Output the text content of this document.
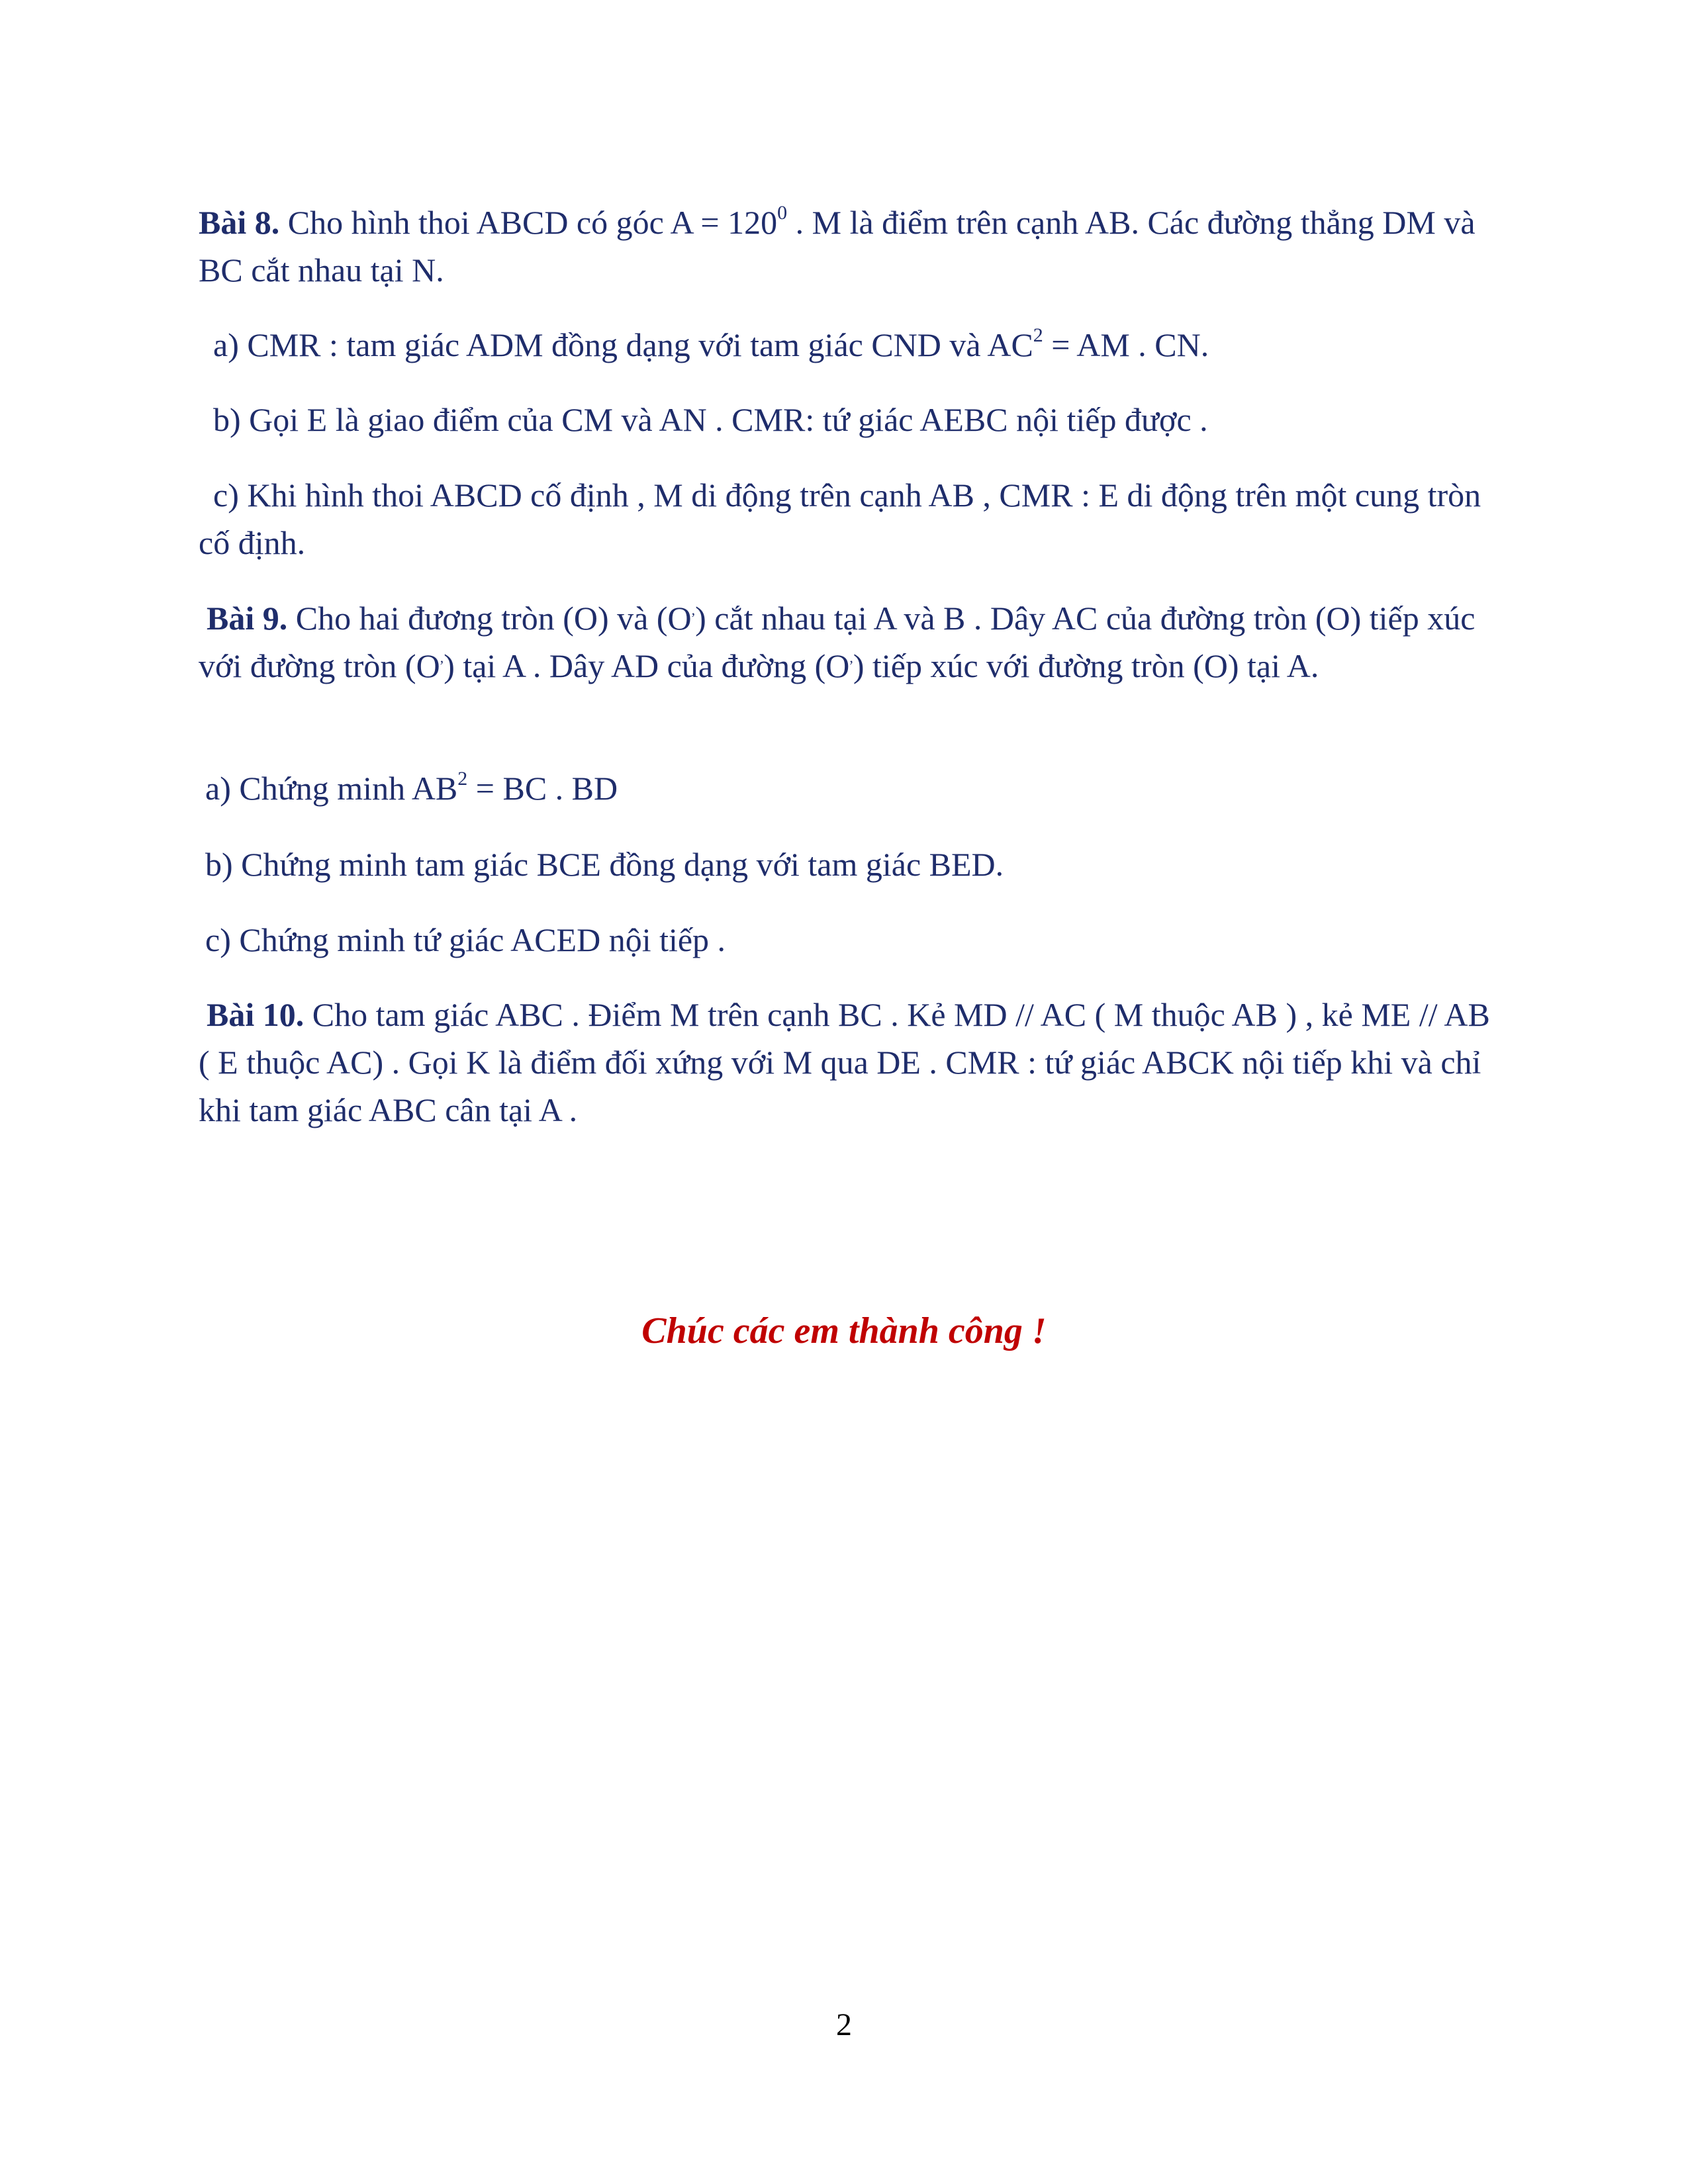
Bài 8. Cho hình thoi ABCD có góc $A = 120^0$ . M là điểm trên cạnh AB. Các đường thẳng DM và BC cắt nhau tại N.

a) CMR : tam giác ADM đồng dạng với tam giác CND và $AC^2$ = AM . CN.

b) Gọi E là giao điểm của CM và AN . CMR: tứ giác AEBC nội tiếp được .

c) Khi hình thoi ABCD cố định , M di động trên cạnh AB , CMR : E di động trên một cung tròn cố định.

Bài 9. Cho hai đương tròn (O) và (O,) cắt nhau tại A và B . Dây AC của đường tròn (O) tiếp xúc với đường tròn (O,) tại A . Dây AD của đường (O,) tiếp xúc với đường tròn (O) tại A.

a) Chứng minh $AB^2$ = BC . BD

b) Chứng minh tam giác BCE đồng dạng với tam giác BED.

c) Chứng minh tứ giác ACED nội tiếp .

Bài 10. Cho tam giác ABC . Điểm M trên cạnh BC . Kẻ MD // AC ( M thuộc AB ) , kẻ ME // AB ( E thuộc AC) . Gọi K là điểm đối xứng với M qua DE . CMR : tứ giác ABCK nội tiếp khi và chỉ khi tam giác ABC cân tại A .

Chúc các em thành công !
2
